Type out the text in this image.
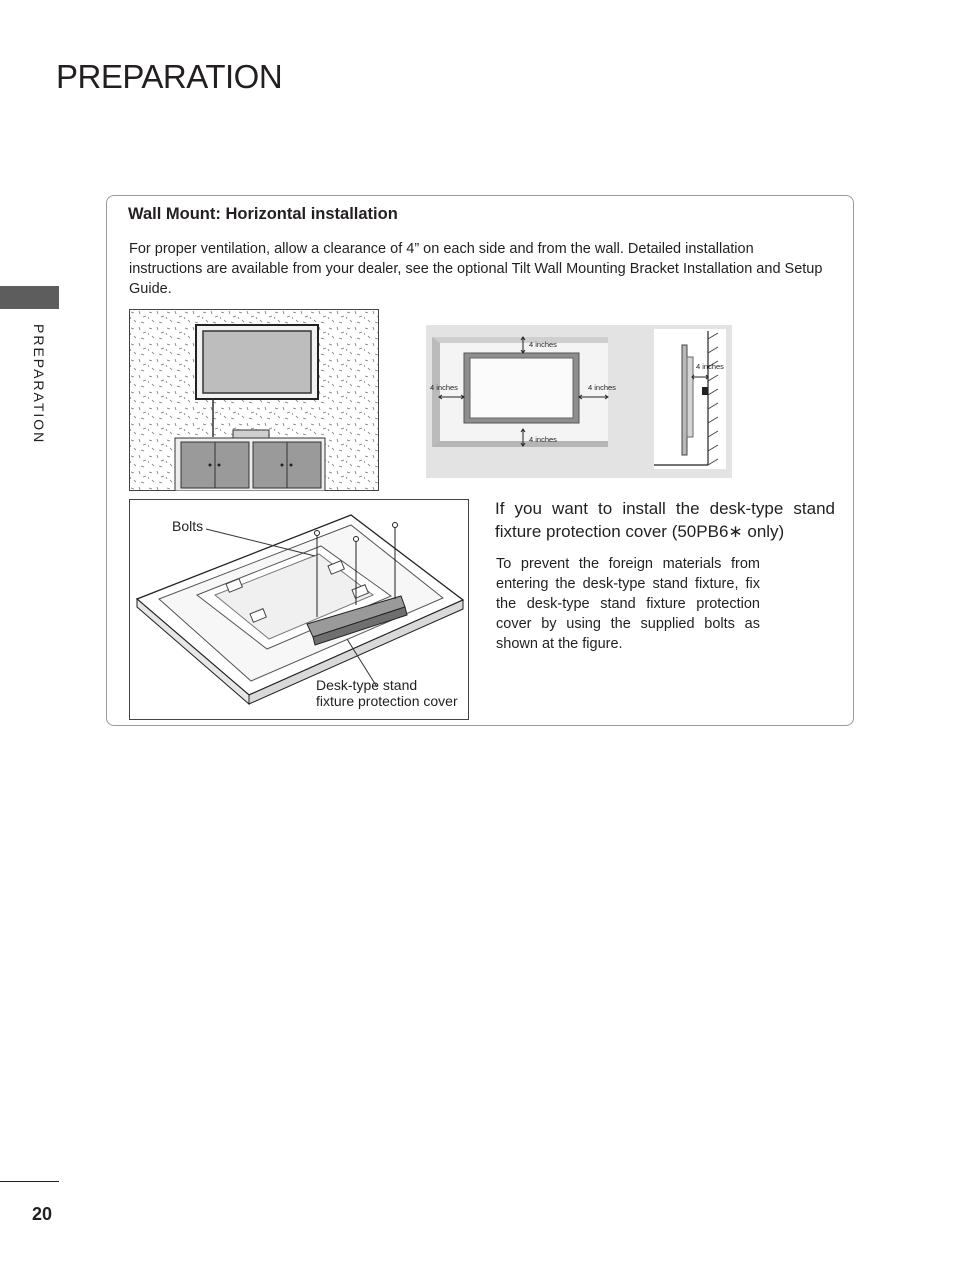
PREPARATION
PREPARATION
Wall Mount: Horizontal installation
For proper ventilation, allow a clearance of 4” on each side and from the wall. Detailed installation instructions are available from your dealer, see the optional Tilt Wall Mounting Bracket Installation and Setup Guide.
4 inches
4 inches	4 inches
4 inches
4 inches
Bolts
Desk-type stand
fixture protection cover
If you want to install the desk-type stand fixture protection cover (50PB6∗ only)
To prevent the foreign materials from entering the desk-type stand fixture, fix the desk-type stand fixture protection cover by using the supplied bolts as shown at the figure.
20
